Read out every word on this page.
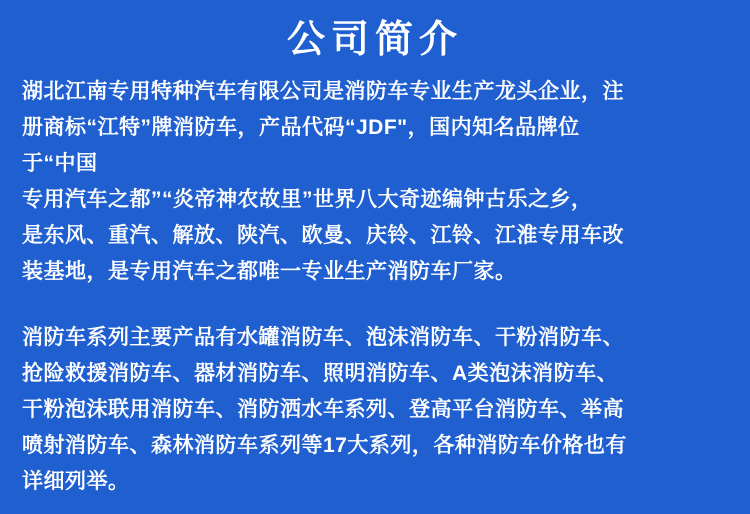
公司简介

湖北江南专用特种汽车有限公司是消防车专业生产龙头企业，注
册商标“江特”牌消防车，产品代码“JDF"，国内知名品牌位
于“中国
专用汽车之都”“炎帝神农故里”世界八大奇迹编钟古乐之乡，
是东风、重汽、解放、陕汽、欧曼、庆铃、江铃、江淮专用车改
装基地，是专用汽车之都唯一专业生产消防车厂家。

消防车系列主要产品有水罐消防车、泡沫消防车、干粉消防车、
抢险救援消防车、器材消防车、照明消防车、A类泡沫消防车、
干粉泡沫联用消防车、消防洒水车系列、登高平台消防车、举高
喷射消防车、森林消防车系列等17大系列，各种消防车价格也有
详细列举。
